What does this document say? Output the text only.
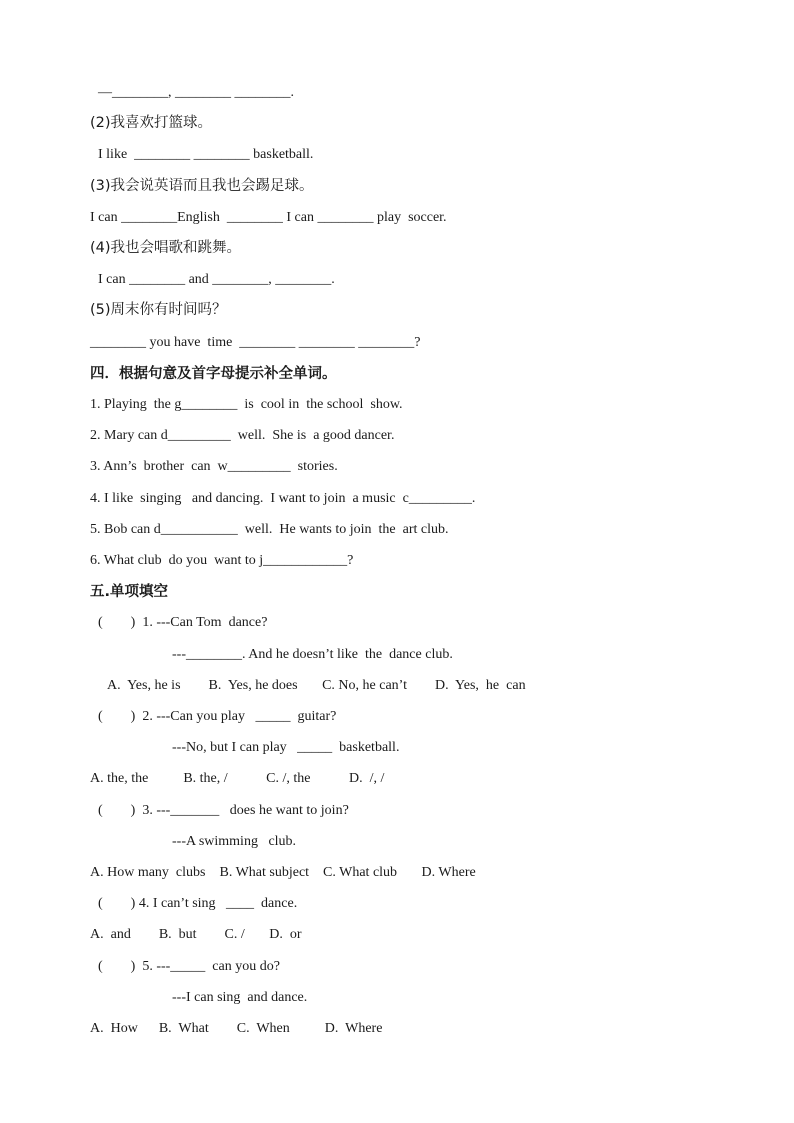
—________, ________ ________.
(2)我喜欢打篮球。
I like  ________ ________ basketball.
(3)我会说英语而且我也会踢足球。
I can ________English  ________ I can ________ play  soccer.
(4)我也会唱歌和跳舞。
I can ________ and ________, ________.
(5)周末你有时间吗？
________ you have  time  ________ ________ ________?
四．根据句意及首字母提示补全单词。
1. Playing  the g________  is  cool in  the school  show.
2. Mary can d_________  well.  She is  a good dancer.
3. Ann’s  brother  can  w_________  stories.
4. I like  singing   and dancing.  I want to join  a music  c_________.
5. Bob can d___________  well.  He wants to join  the  art club.
6. What club  do you  want to j____________?
五.单项填空
(        )  1. ---Can Tom  dance?
---________. And he doesn’t like  the  dance club.
A.  Yes, he is        B.  Yes, he does       C. No, he can’t        D.  Yes,  he  can
(        )  2. ---Can you play   _____  guitar?
---No, but I can play   _____  basketball.
A. the, the          B. the, /           C. /, the           D.  /, /
(        )  3. ---_______   does he want to join?
---A swimming   club.
A. How many  clubs    B. What subject    C. What club       D. Where
(        ) 4. I can’t sing   ____  dance.
A.  and        B.  but        C. /       D.  or
(        )  5. ---_____  can you do?
---I can sing  and dance.
A.  How      B.  What        C.  When          D.  Where
